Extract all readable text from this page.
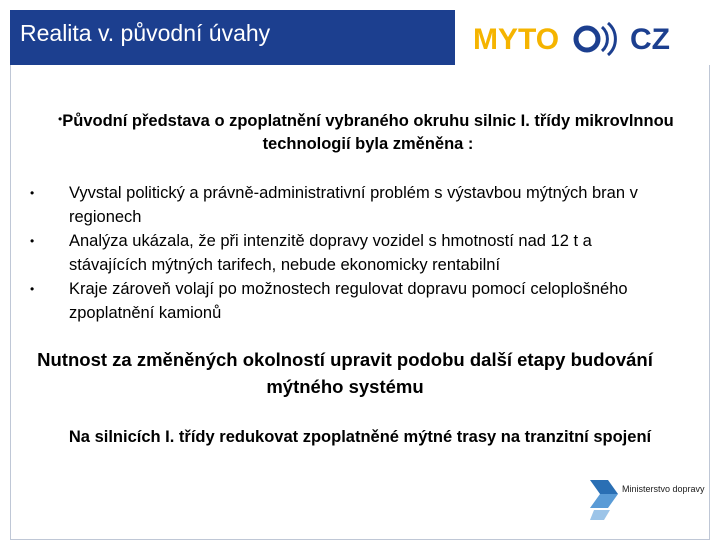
Realita v. původní úvahy	MYTO CZ
• Původní představa o zpoplatnění vybraného okruhu silnic I. třídy mikrovlnnou technologií byla změněna :
• Vyvstal politický a právně-administrativní problém s výstavbou mýtných bran v regionech
• Analýza ukázala, že při intenzitě dopravy vozidel s hmotností nad 12 t a stávajících mýtných tarifech, nebude ekonomicky rentabilní
• Kraje zároveň volají po možnostech regulovat dopravu pomocí celoplošného zpoplatnění kamionů
Nutnost za změněných okolností upravit podobu další etapy budování mýtného systému
Na silnicích I. třídy redukovat zpoplatněné mýtné trasy na tranzitní spojení
Ministerstvo dopravy
